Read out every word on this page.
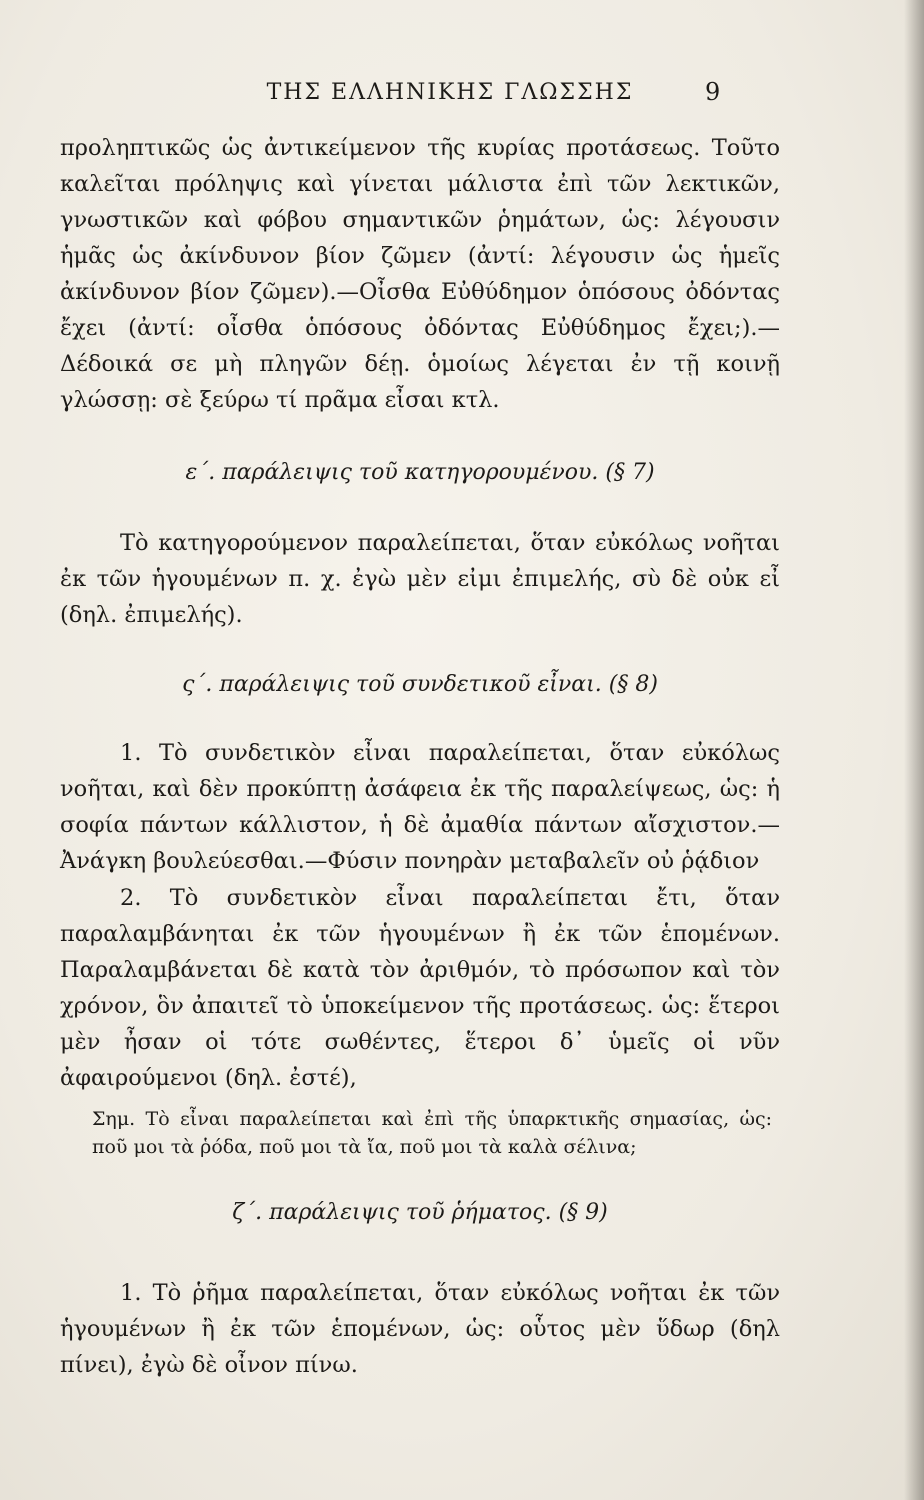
ΤΗΣ ΕΛΛΗΝΙΚΗΣ ΓΛΩΣΣΗΣ	9

προληπτικῶς ὡς ἀντικείμενον τῆς κυρίας προτάσεως. Τοῦτο καλεῖται πρόληψις καὶ γίνεται μάλιστα ἐπὶ τῶν λεκτικῶν, γνωστικῶν καὶ φόβου σημαντικῶν ῥημάτων, ὡς: λέγουσιν ἡμᾶς ὡς ἀκίνδυνον βίον ζῶμεν (ἀντί: λέγουσιν ὡς ἡμεῖς ἀκίνδυνον βίον ζῶμεν).—Οἶσθα Εὐθύδημον ὁπόσους ὀδόντας ἔχει (ἀντί: οἶσθα ὁπόσους ὀδόντας Εὐθύδημος ἔχει;).—Δέδοικά σε μὴ πληγῶν δέῃ. ὁμοίως λέγεται ἐν τῇ κοινῇ γλώσσῃ: σὲ ξεύρω τί πρᾶμα εἶσαι κτλ.

ε΄. παράλειψις τοῦ κατηγορουμένου. (§ 7)

Τὸ κατηγορούμενον παραλείπεται, ὅταν εὐκόλως νοῆται ἐκ τῶν ἡγουμένων π. χ. ἐγὼ μὲν εἰμι ἐπιμελής, σὺ δὲ οὐκ εἶ (δηλ. ἐπιμελής).

ς΄. παράλειψις τοῦ συνδετικοῦ εἶναι. (§ 8)

1. Τὸ συνδετικὸν εἶναι παραλείπεται, ὅταν εὐκόλως νοῆται, καὶ δὲν προκύπτῃ ἀσάφεια ἐκ τῆς παραλείψεως, ὡς: ἡ σοφία πάντων κάλλιστον, ἡ δὲ ἀμαθία πάντων αἴσχιστον.—Ἀνάγκη βουλεύεσθαι.—Φύσιν πονηρὰν μεταβαλεῖν οὐ ῥᾴδιον

2. Τὸ συνδετικὸν εἶναι παραλείπεται ἔτι, ὅταν παραλαμβάνηται ἐκ τῶν ἡγουμένων ἢ ἐκ τῶν ἑπομένων. Παραλαμβάνεται δὲ κατὰ τὸν ἀριθμόν, τὸ πρόσωπον καὶ τὸν χρόνον, ὃν ἀπαιτεῖ τὸ ὑποκείμενον τῆς προτάσεως. ὡς: ἕτεροι μὲν ἦσαν οἱ τότε σωθέντες, ἕτεροι δ᾿ ὑμεῖς οἱ νῦν ἀφαιρούμενοι (δηλ. ἐστέ),

Σημ. Τὸ εἶναι παραλείπεται καὶ ἐπὶ τῆς ὑπαρκτικῆς σημασίας, ὡς: ποῦ μοι τὰ ῥόδα, ποῦ μοι τὰ ἴα, ποῦ μοι τὰ καλὰ σέλινα;
ζ΄. παράλειψις τοῦ ῥήματος. (§ 9)

1. Τὸ ῥῆμα παραλείπεται, ὅταν εὐκόλως νοῆται ἐκ τῶν ἡγουμένων ἢ ἐκ τῶν ἑπομένων, ὡς: οὗτος μὲν ὕδωρ (δηλ πίνει), ἐγὼ δὲ οἶνον πίνω.
